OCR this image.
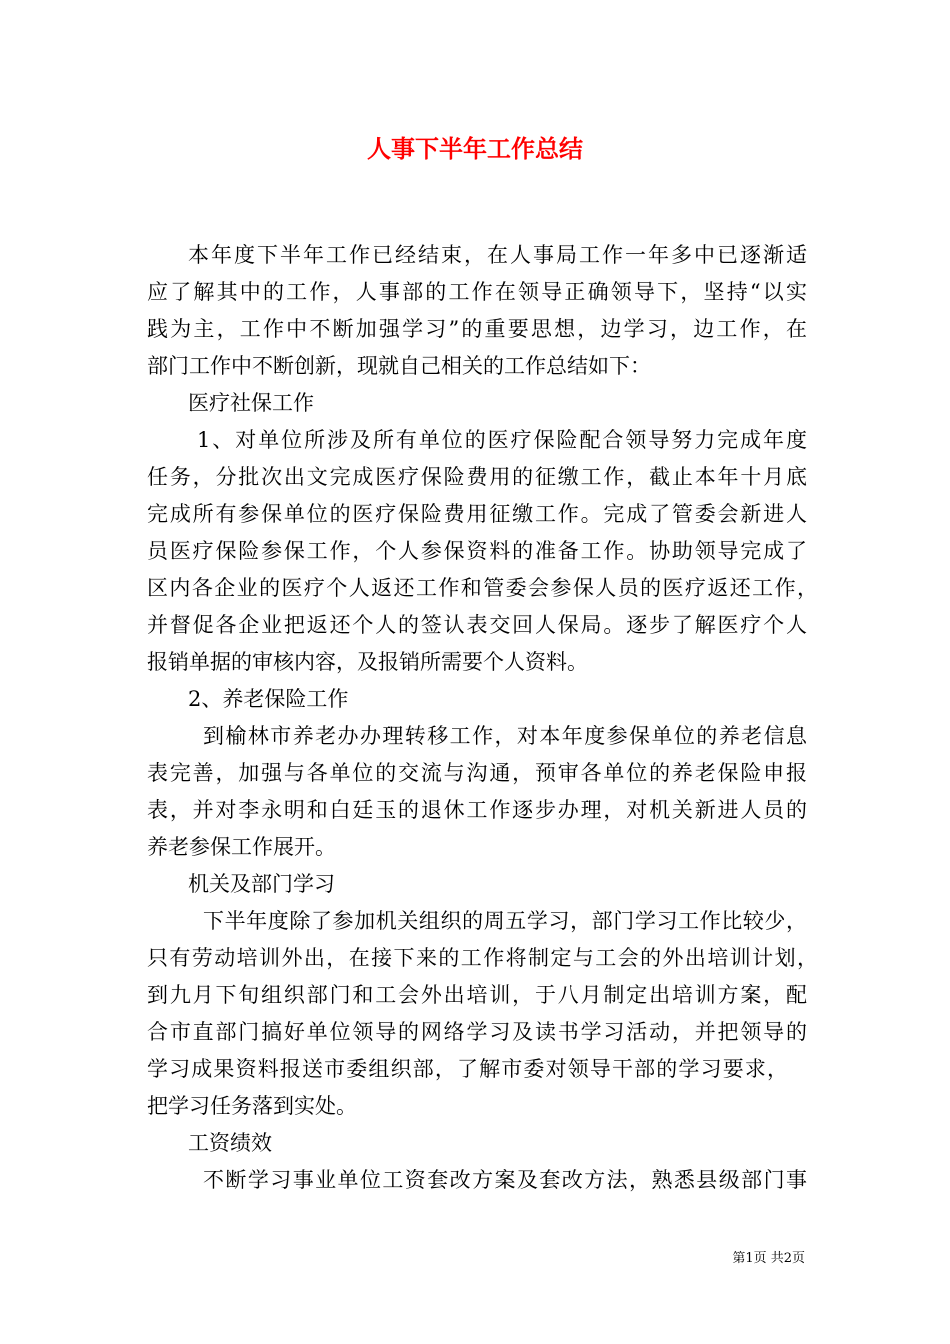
人事下半年工作总结
本年度下半年工作已经结束，在人事局工作一年多中已逐渐适
应了解其中的工作，人事部的工作在领导正确领导下，坚持“以实
践为主，工作中不断加强学习”的重要思想，边学习，边工作，在
部门工作中不断创新，现就自己相关的工作总结如下：
医疗社保工作
1、对单位所涉及所有单位的医疗保险配合领导努力完成年度
任务，分批次出文完成医疗保险费用的征缴工作，截止本年十月底
完成所有参保单位的医疗保险费用征缴工作。完成了管委会新进人
员医疗保险参保工作，个人参保资料的准备工作。协助领导完成了
区内各企业的医疗个人返还工作和管委会参保人员的医疗返还工作，
并督促各企业把返还个人的签认表交回人保局。逐步了解医疗个人
报销单据的审核内容，及报销所需要个人资料。
2、养老保险工作
到榆林市养老办办理转移工作，对本年度参保单位的养老信息
表完善，加强与各单位的交流与沟通，预审各单位的养老保险申报
表，并对李永明和白廷玉的退休工作逐步办理，对机关新进人员的
养老参保工作展开。
机关及部门学习
下半年度除了参加机关组织的周五学习，部门学习工作比较少，
只有劳动培训外出，在接下来的工作将制定与工会的外出培训计划，
到九月下旬组织部门和工会外出培训，于八月制定出培训方案，配
合市直部门搞好单位领导的网络学习及读书学习活动，并把领导的
学习成果资料报送市委组织部，了解市委对领导干部的学习要求，
把学习任务落到实处。
工资绩效
不断学习事业单位工资套改方案及套改方法，熟悉县级部门事
第1页 共2页
